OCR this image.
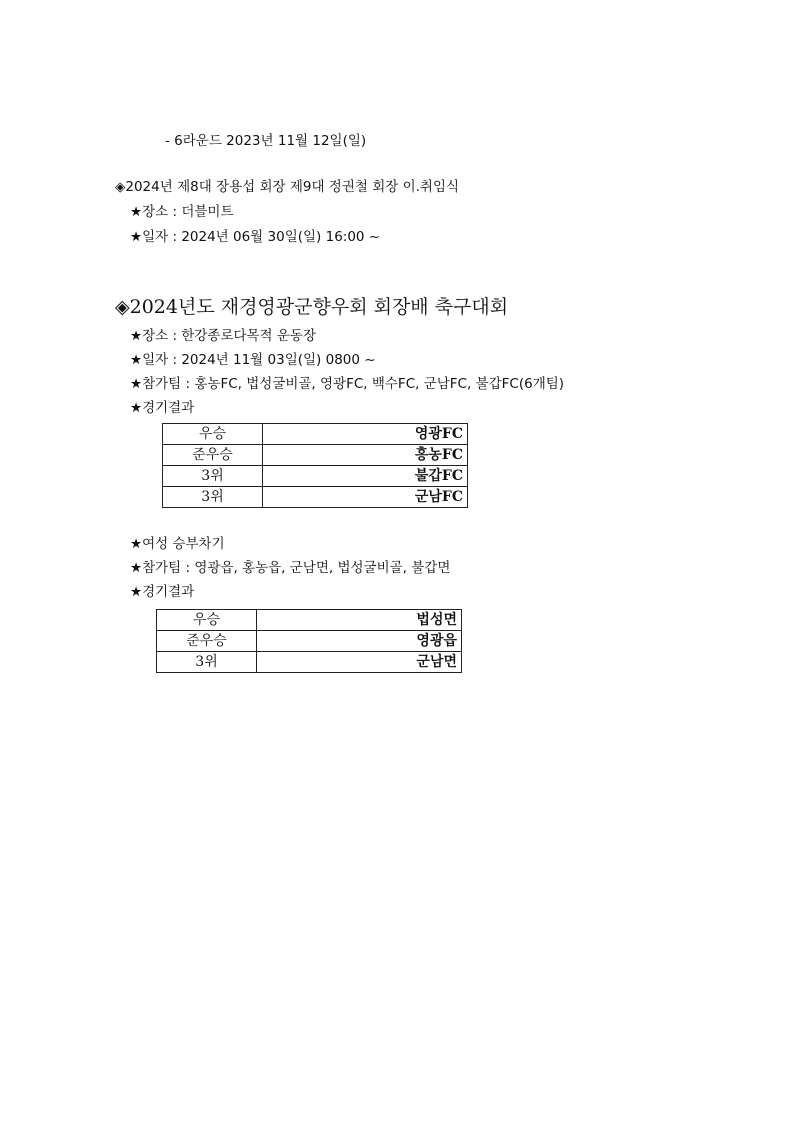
- 6라운드 2023년 11월 12일(일)
◈2024년 제8대 장용섭 회장 제9대 정권철 회장 이.취임식
★장소 : 더블미트
★일자 : 2024년 06월 30일(일) 16:00 ~
◈2024년도 재경영광군향우회 회장배 축구대회
★장소 : 한강종로다목적 운동장
★일자 : 2024년 11월 03일(일) 0800 ~
★참가팀 : 홍농FC, 법성굴비골, 영광FC, 백수FC, 군남FC, 불갑FC(6개팀)
★경기결과
우승	영광FC
준우승	홍농FC
3위	불갑FC
3위	군남FC
★여성 승부차기
★참가팀 : 영광읍, 홍농읍, 군남면, 법성굴비골, 불갑면
★경기결과
우승	법성면
준우승	영광읍
3위	군남면
